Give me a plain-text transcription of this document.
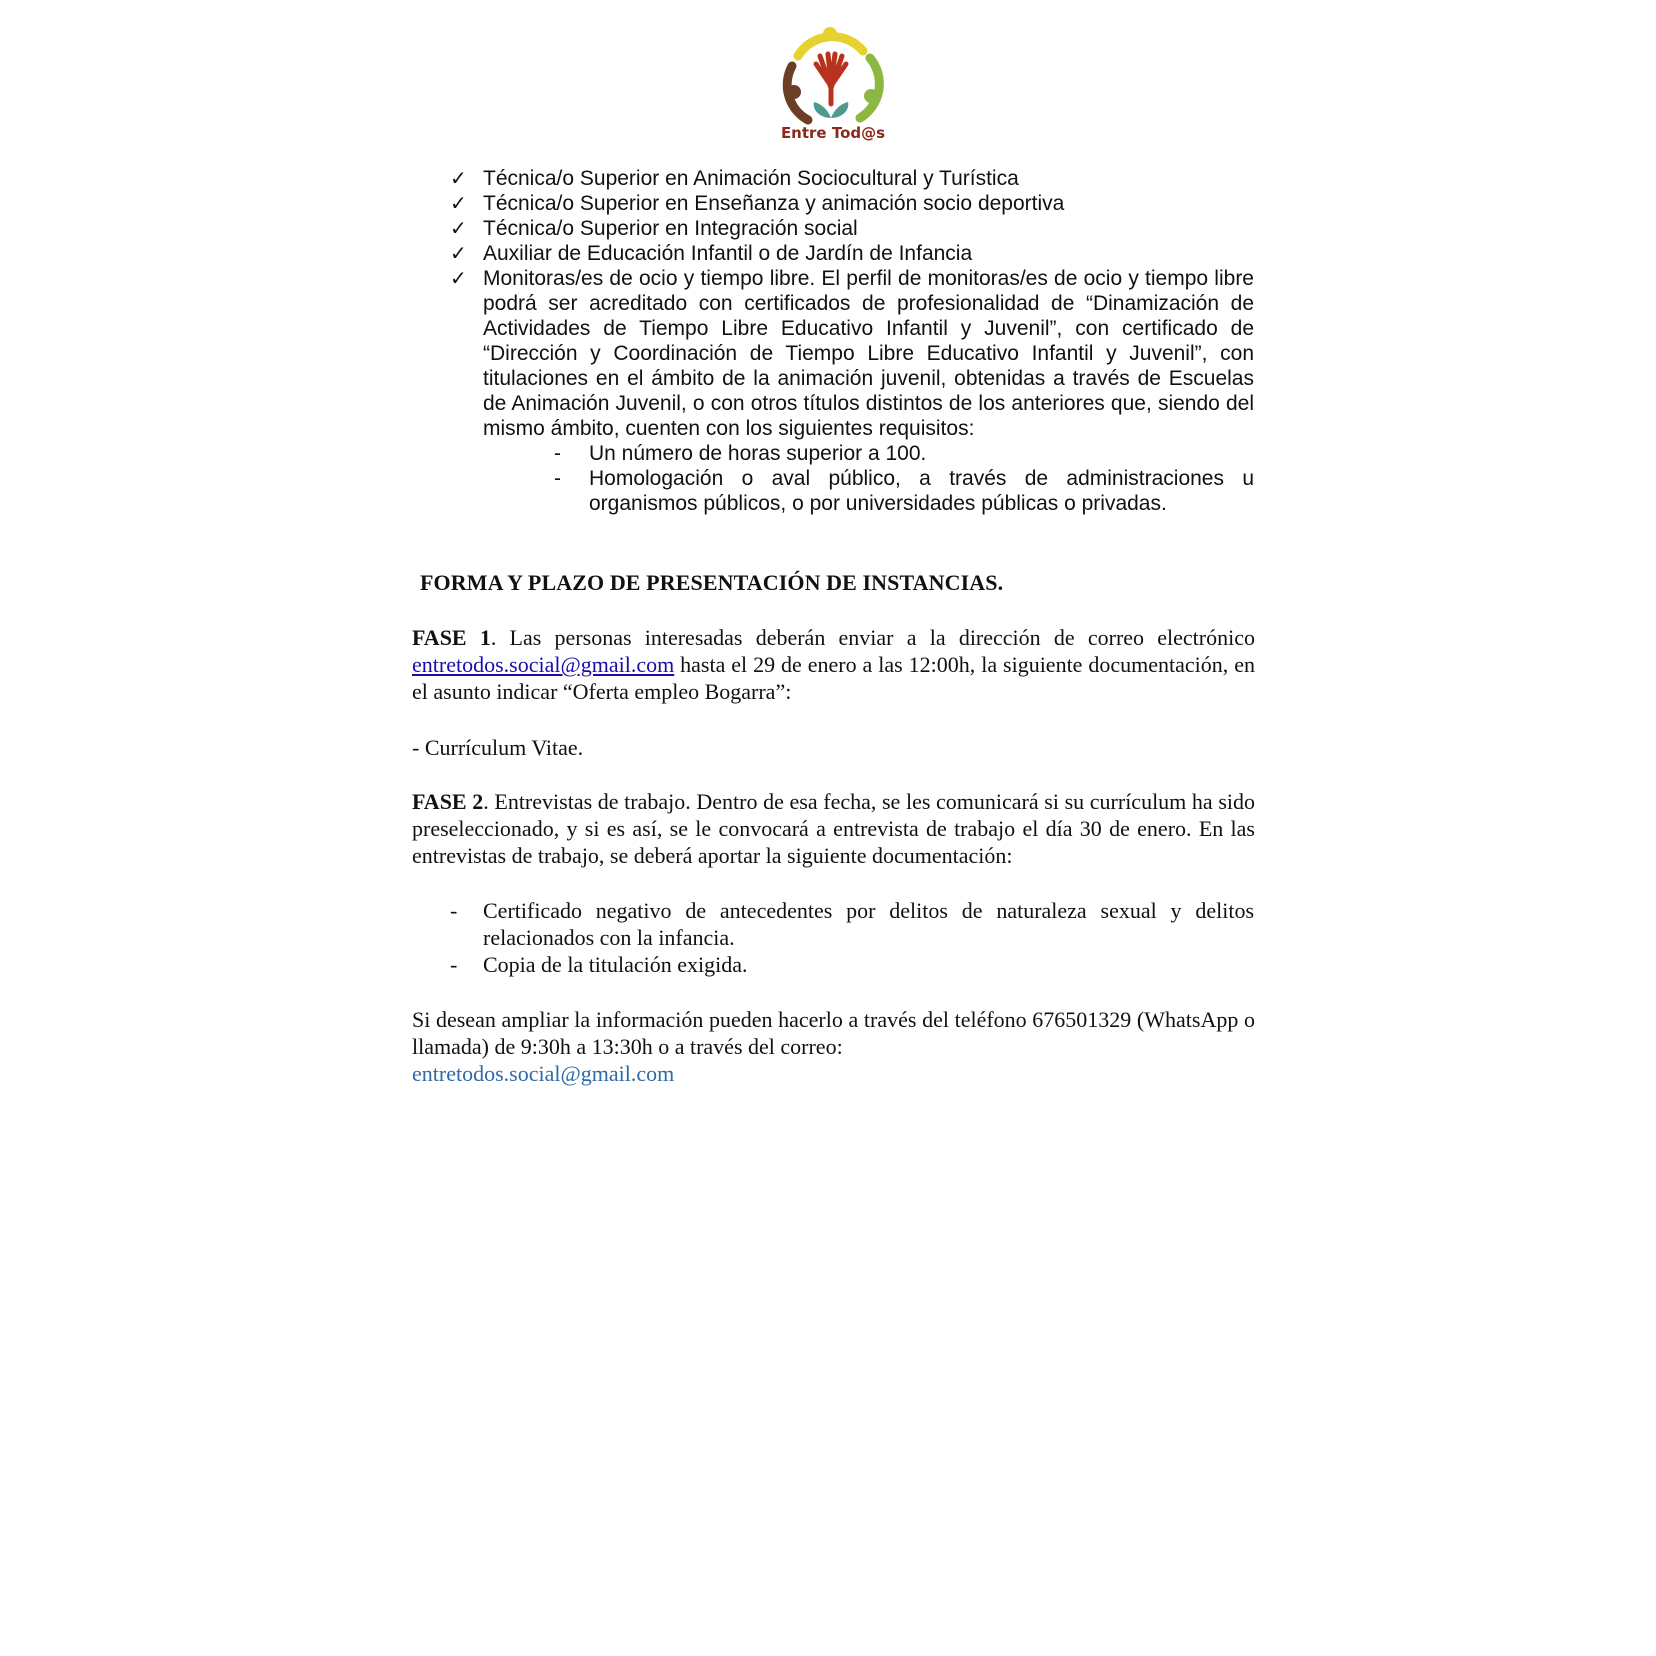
Entre Tod@s
✓ Técnica/o Superior en Animación Sociocultural y Turística
✓ Técnica/o Superior en Enseñanza y animación socio deportiva
✓ Técnica/o Superior en Integración social
✓ Auxiliar de Educación Infantil o de Jardín de Infancia
✓ Monitoras/es de ocio y tiempo libre. El perfil de monitoras/es de ocio y tiempo libre podrá ser acreditado con certificados de profesionalidad de “Dinamización de Actividades de Tiempo Libre Educativo Infantil y Juvenil”, con certificado de “Dirección y Coordinación de Tiempo Libre Educativo Infantil y Juvenil”, con titulaciones en el ámbito de la animación juvenil, obtenidas a través de Escuelas de Animación Juvenil, o con otros títulos distintos de los anteriores que, siendo del mismo ámbito, cuenten con los siguientes requisitos:
- Un número de horas superior a 100.
- Homologación o aval público, a través de administraciones u organismos públicos, o por universidades públicas o privadas.
FORMA Y PLAZO DE PRESENTACIÓN DE INSTANCIAS.

FASE 1. Las personas interesadas deberán enviar a la dirección de correo electrónico entretodos.social@gmail.com hasta el 29 de enero a las 12:00h, la siguiente documentación, en el asunto indicar “Oferta empleo Bogarra”:

- Currículum Vitae.

FASE 2. Entrevistas de trabajo. Dentro de esa fecha, se les comunicará si su currículum ha sido preseleccionado, y si es así, se le convocará a entrevista de trabajo el día 30 de enero. En las entrevistas de trabajo, se deberá aportar la siguiente documentación:

- Certificado negativo de antecedentes por delitos de naturaleza sexual y delitos relacionados con la infancia.
- Copia de la titulación exigida.

Si desean ampliar la información pueden hacerlo a través del teléfono 676501329 (WhatsApp o llamada) de 9:30h a 13:30h o a través del correo:
entretodos.social@gmail.com
